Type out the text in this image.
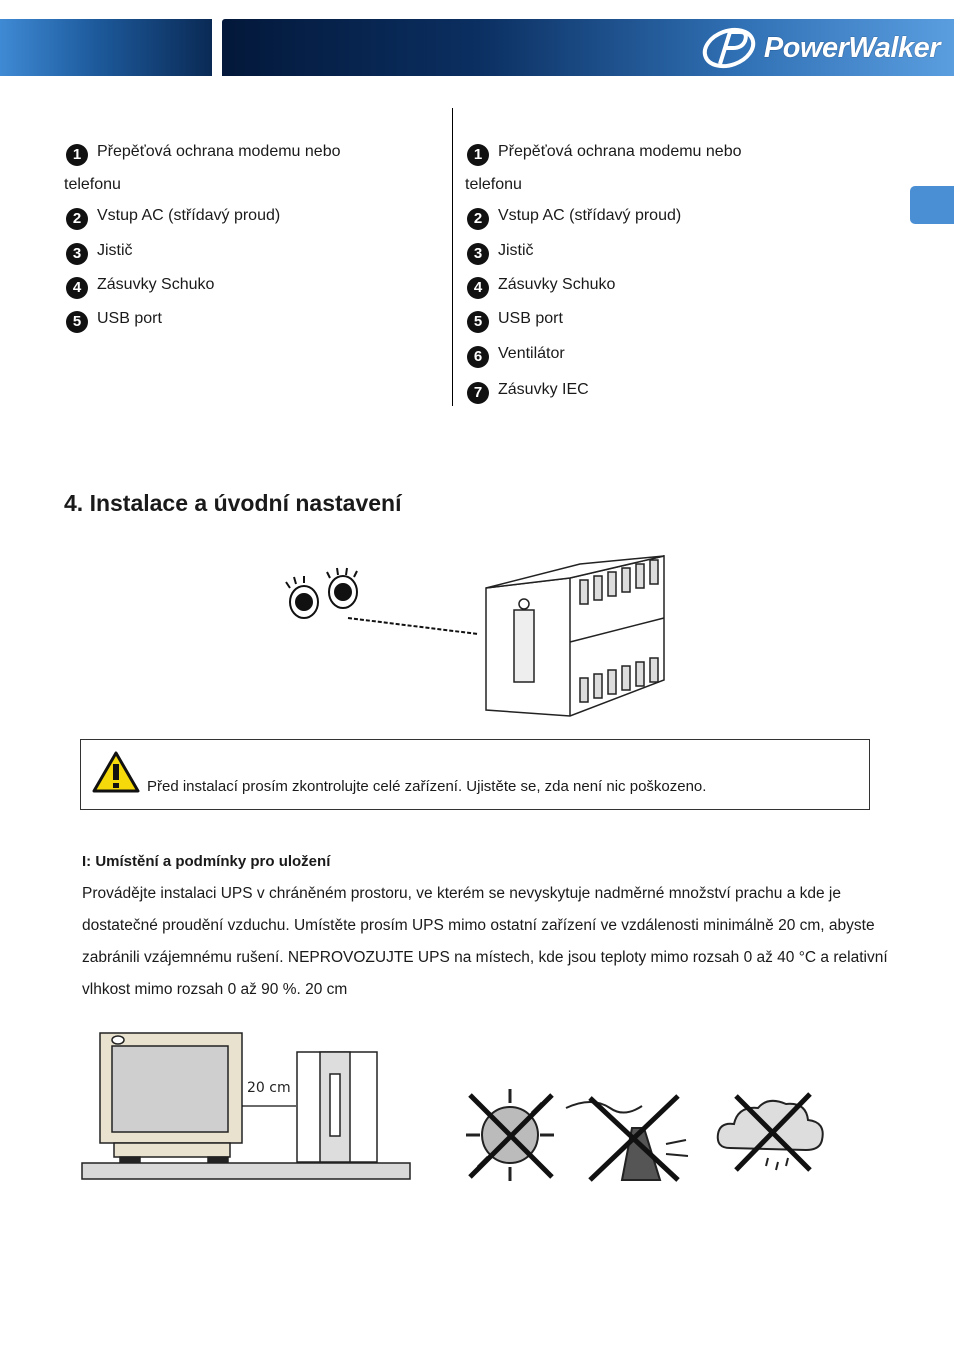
PowerWalker
1 Přepěťová ochrana modemu nebo
telefonu
2 Vstup AC (střídavý proud)
3 Jistič
4 Zásuvky Schuko
5 USB port
1 Přepěťová ochrana modemu nebo
telefonu
2 Vstup AC (střídavý proud)
3 Jistič
4 Zásuvky Schuko
5 USB port
6 Ventilátor
7 Zásuvky IEC
4. Instalace a úvodní nastavení
Před instalací prosím zkontrolujte celé zařízení. Ujistěte se, zda není nic poškozeno.
I: Umístění a podmínky pro uložení

Provádějte instalaci UPS v chráněném prostoru, ve kterém se nevyskytuje nadměrné množství prachu a kde je dostatečné proudění vzduchu. Umístěte prosím UPS mimo ostatní zařízení ve vzdálenosti minimálně 20 cm, abyste zabránili vzájemnému rušení. NEPROVOZUJTE UPS na místech, kde jsou teploty mimo rozsah 0 až 40 °C a relativní vlhkost mimo rozsah 0 až 90 %. 20 cm

20 cm
